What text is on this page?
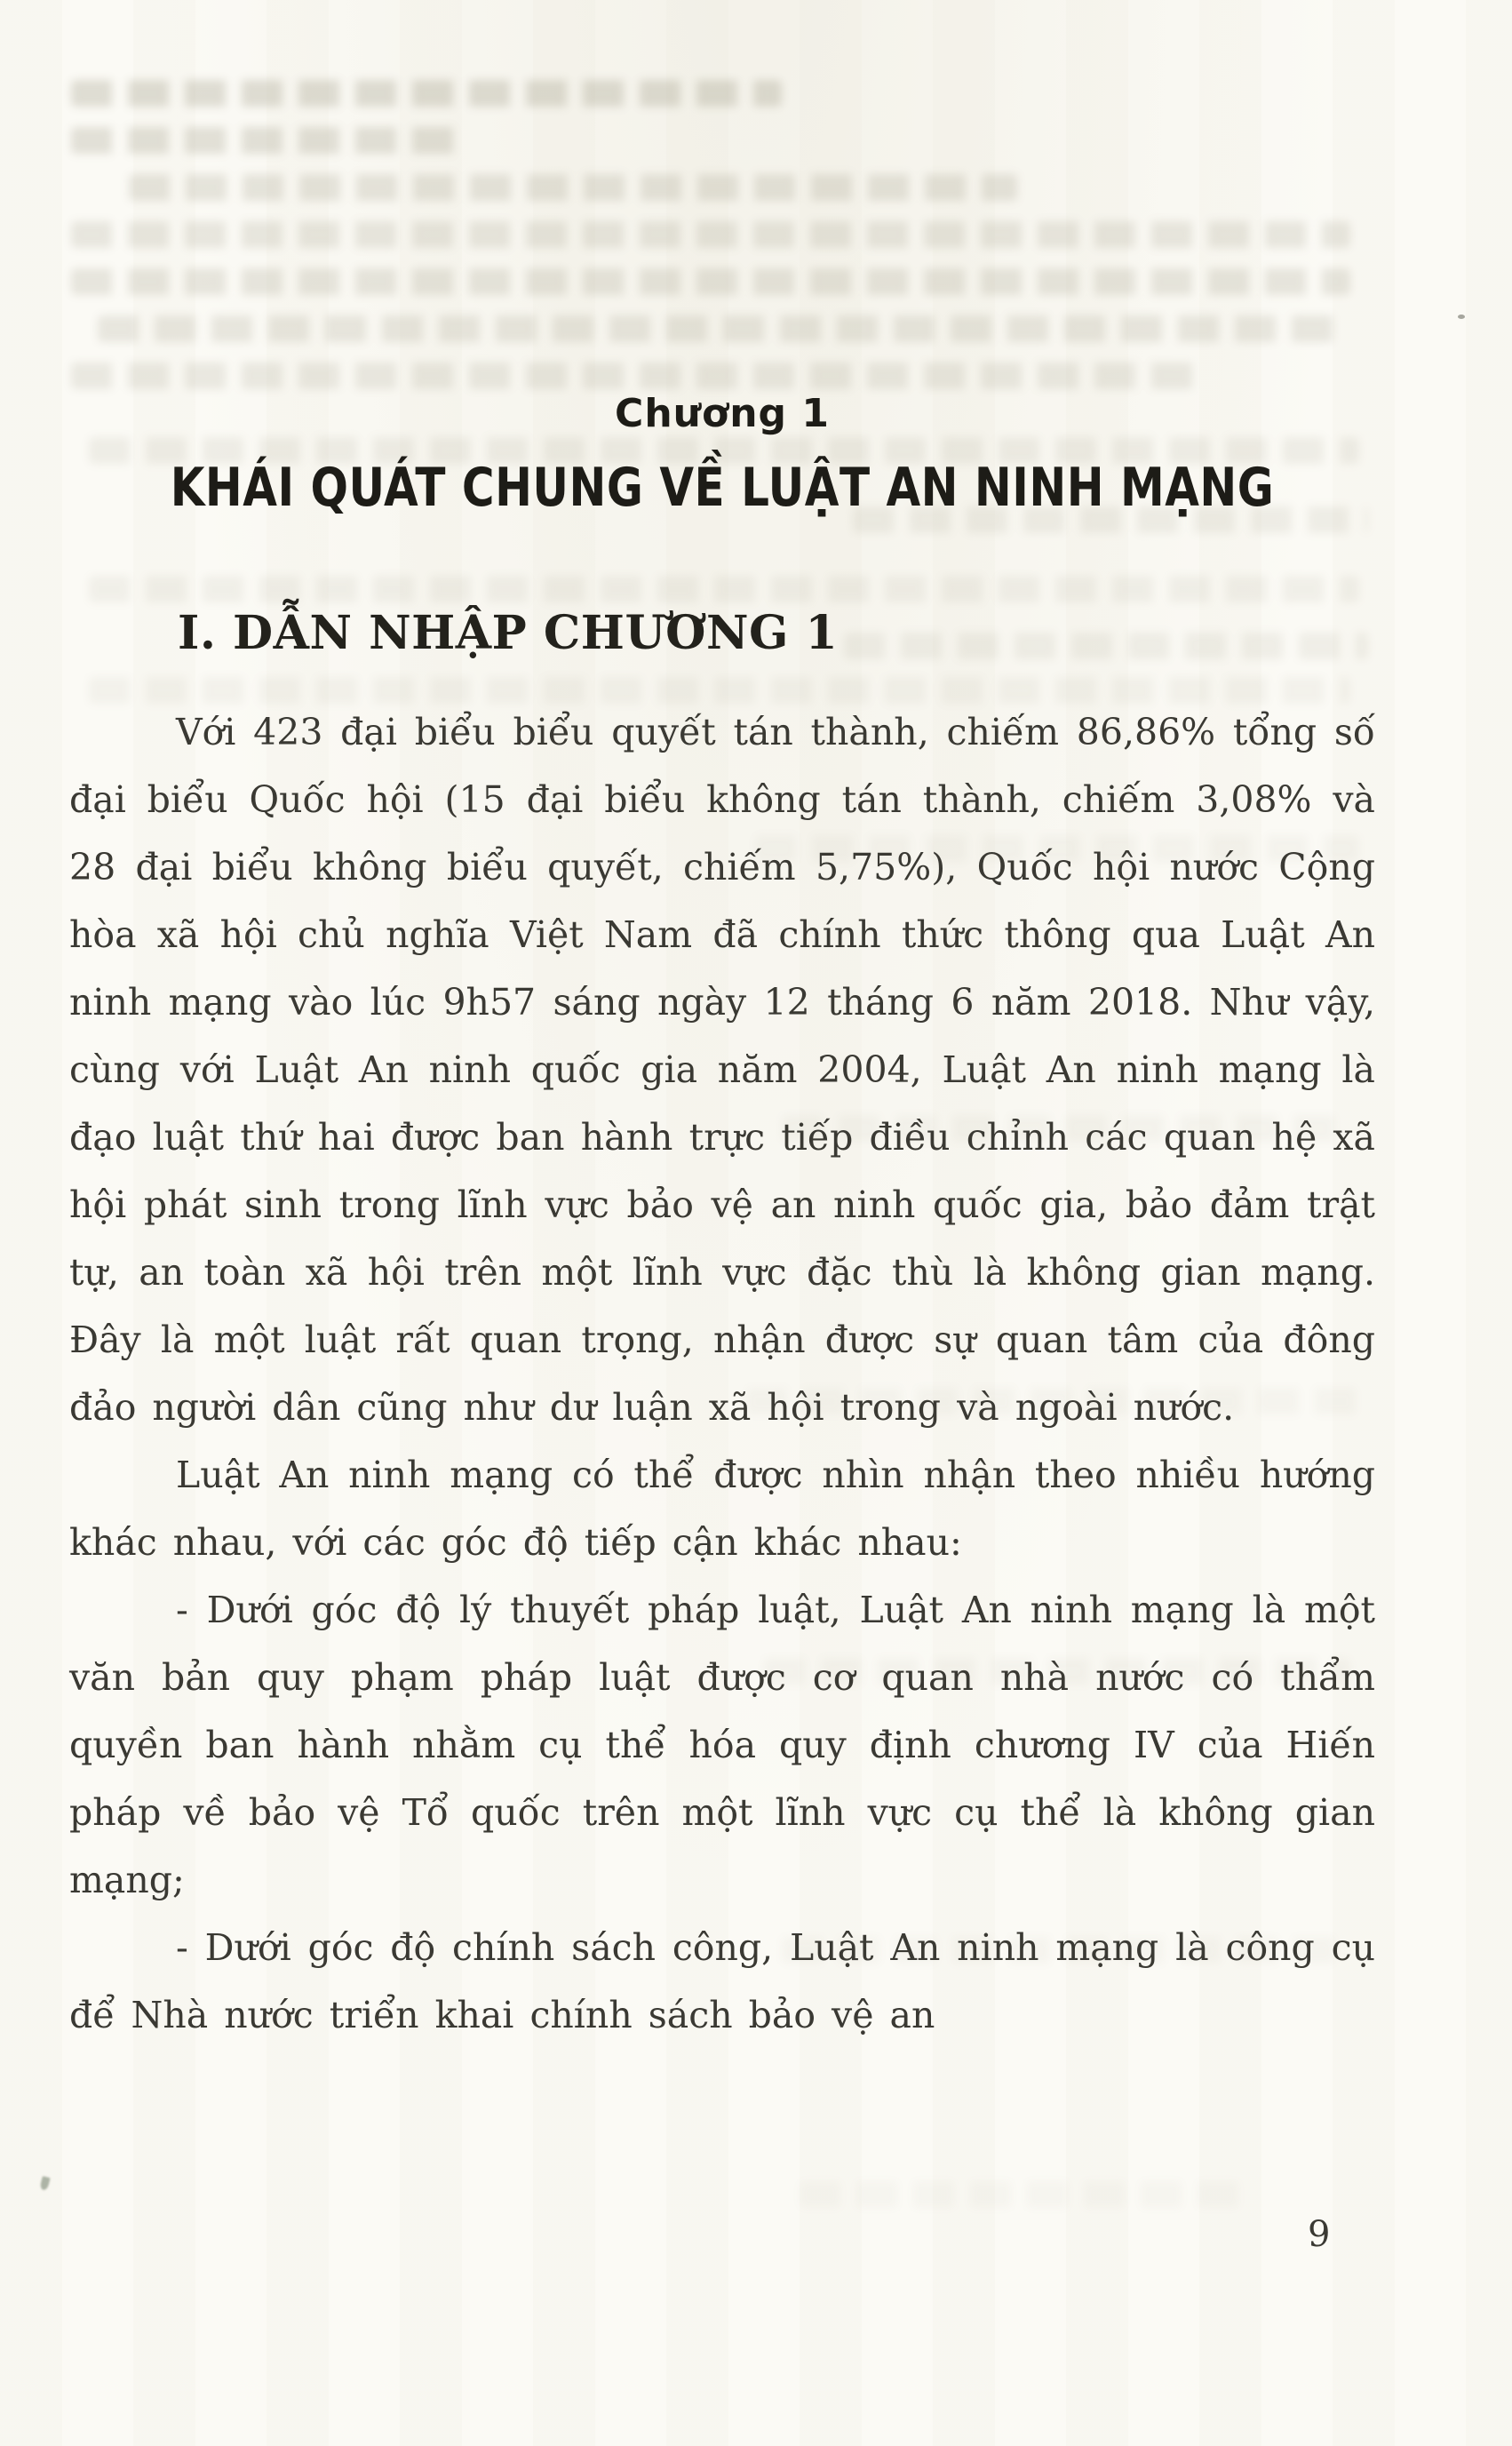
Chương 1
KHÁI QUÁT CHUNG VỀ LUẬT AN NINH MẠNG
I. DẪN NHẬP CHƯƠNG 1

Với 423 đại biểu biểu quyết tán thành, chiếm 86,86% tổng số đại biểu Quốc hội (15 đại biểu không tán thành, chiếm 3,08% và 28 đại biểu không biểu quyết, chiếm 5,75%), Quốc hội nước Cộng hòa xã hội chủ nghĩa Việt Nam đã chính thức thông qua Luật An ninh mạng vào lúc 9h57 sáng ngày 12 tháng 6 năm 2018. Như vậy, cùng với Luật An ninh quốc gia năm 2004, Luật An ninh mạng là đạo luật thứ hai được ban hành trực tiếp điều chỉnh các quan hệ xã hội phát sinh trong lĩnh vực bảo vệ an ninh quốc gia, bảo đảm trật tự, an toàn xã hội trên một lĩnh vực đặc thù là không gian mạng. Đây là một luật rất quan trọng, nhận được sự quan tâm của đông đảo người dân cũng như dư luận xã hội trong và ngoài nước.

Luật An ninh mạng có thể được nhìn nhận theo nhiều hướng khác nhau, với các góc độ tiếp cận khác nhau:

- Dưới góc độ lý thuyết pháp luật, Luật An ninh mạng là một văn bản quy phạm pháp luật được cơ quan nhà nước có thẩm quyền ban hành nhằm cụ thể hóa quy định chương IV của Hiến pháp về bảo vệ Tổ quốc trên một lĩnh vực cụ thể là không gian mạng;

- Dưới góc độ chính sách công, Luật An ninh mạng là công cụ để Nhà nước triển khai chính sách bảo vệ an

9
